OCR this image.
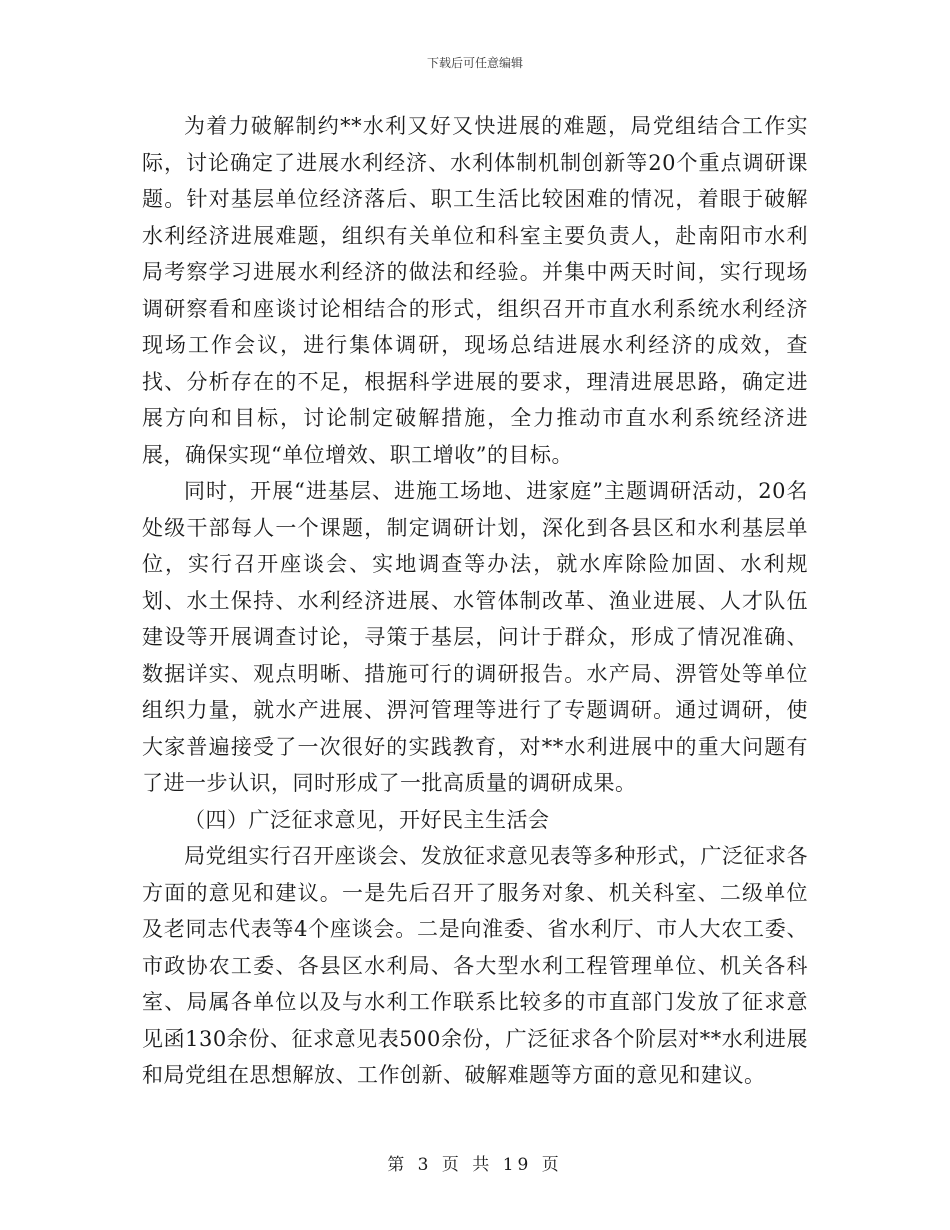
下载后可任意编辑

为着力破解制约**水利又好又快进展的难题，局党组结合工作实际，讨论确定了进展水利经济、水利体制机制创新等20个重点调研课题。针对基层单位经济落后、职工生活比较困难的情况，着眼于破解水利经济进展难题，组织有关单位和科室主要负责人，赴南阳市水利局考察学习进展水利经济的做法和经验。并集中两天时间，实行现场调研察看和座谈讨论相结合的形式，组织召开市直水利系统水利经济现场工作会议，进行集体调研，现场总结进展水利经济的成效，查找、分析存在的不足，根据科学进展的要求，理清进展思路，确定进展方向和目标，讨论制定破解措施，全力推动市直水利系统经济进展，确保实现“单位增效、职工增收”的目标。

同时，开展“进基层、进施工场地、进家庭”主题调研活动，20名处级干部每人一个课题，制定调研计划，深化到各县区和水利基层单位，实行召开座谈会、实地调查等办法，就水库除险加固、水利规划、水土保持、水利经济进展、水管体制改革、渔业进展、人才队伍建设等开展调查讨论，寻策于基层，问计于群众，形成了情况准确、数据详实、观点明晰、措施可行的调研报告。水产局、淠管处等单位组织力量，就水产进展、淠河管理等进行了专题调研。通过调研，使大家普遍接受了一次很好的实践教育，对**水利进展中的重大问题有了进一步认识，同时形成了一批高质量的调研成果。

（四）广泛征求意见，开好民主生活会

局党组实行召开座谈会、发放征求意见表等多种形式，广泛征求各方面的意见和建议。一是先后召开了服务对象、机关科室、二级单位及老同志代表等4个座谈会。二是向淮委、省水利厅、市人大农工委、市政协农工委、各县区水利局、各大型水利工程管理单位、机关各科室、局属各单位以及与水利工作联系比较多的市直部门发放了征求意见函130余份、征求意见表500余份，广泛征求各个阶层对**水利进展和局党组在思想解放、工作创新、破解难题等方面的意见和建议。

第 3 页 共 19 页
